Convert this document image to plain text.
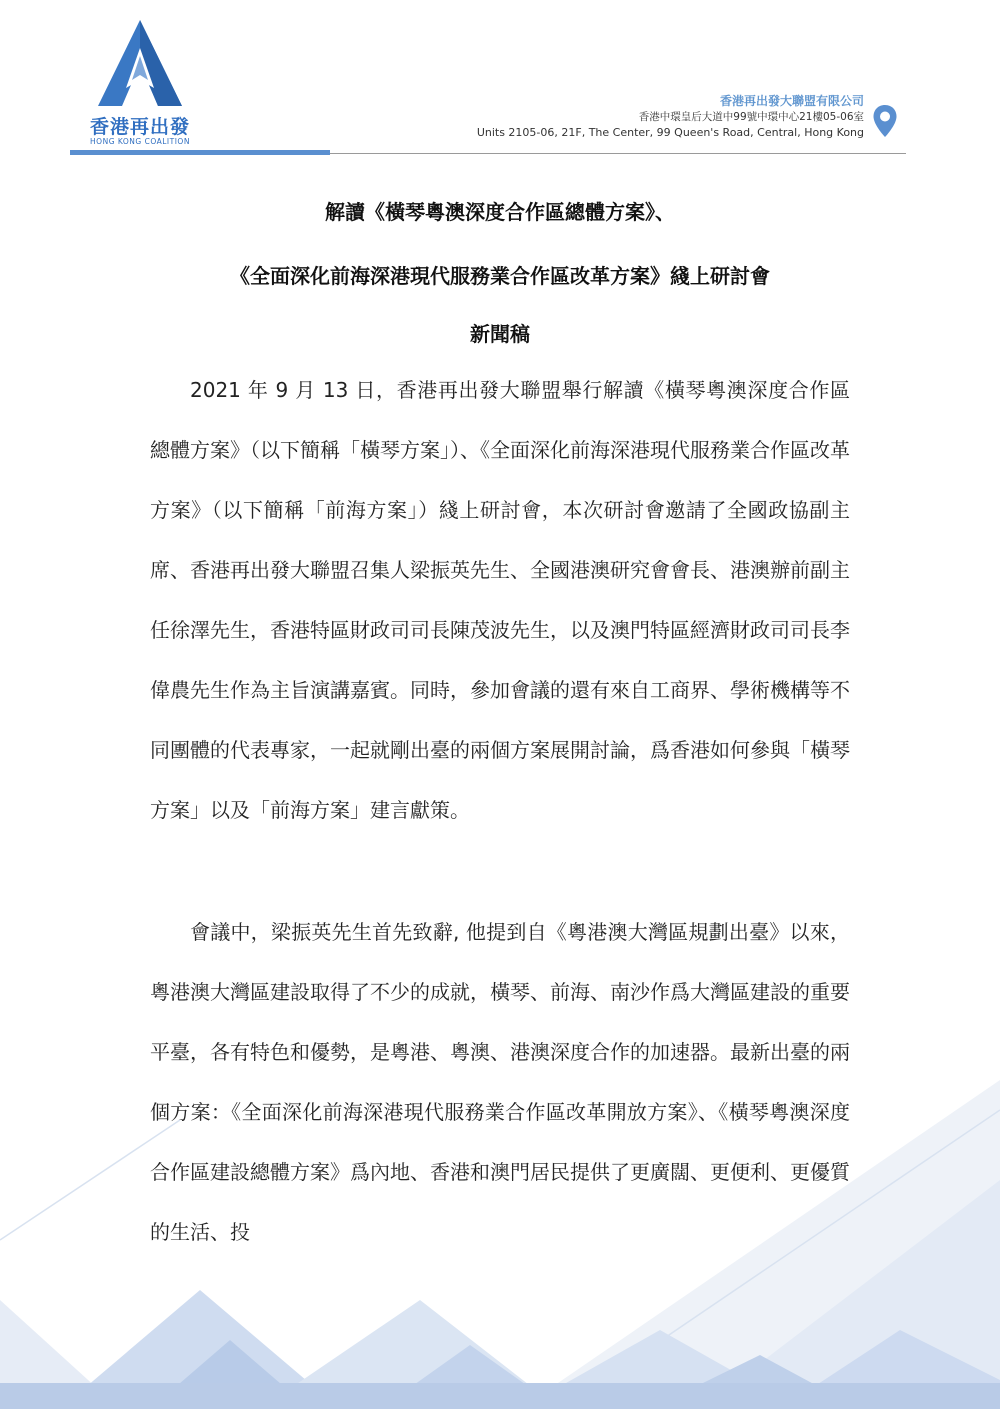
香港再出發
HONG KONG COALITION
香港再出發大聯盟有限公司
香港中環皇后大道中99號中環中心21樓05-06室
Units 2105-06, 21F, The Center, 99 Queen's Road, Central, Hong Kong
解讀《橫琴粵澳深度合作區總體方案》、
《全面深化前海深港現代服務業合作區改革方案》綫上研討會
新聞稿

2021 年 9 月 13 日，香港再出發大聯盟舉行解讀《橫琴粵澳深度合作區總體方案》（以下簡稱「橫琴方案」）、《全面深化前海深港現代服務業合作區改革方案》（以下簡稱「前海方案」）綫上研討會，本次研討會邀請了全國政協副主席、香港再出發大聯盟召集人梁振英先生、全國港澳研究會會長、港澳辦前副主任徐澤先生，香港特區財政司司長陳茂波先生，以及澳門特區經濟財政司司長李偉農先生作為主旨演講嘉賓。同時，參加會議的還有來自工商界、學術機構等不同團體的代表專家，一起就剛出臺的兩個方案展開討論，爲香港如何參與「橫琴方案」以及「前海方案」建言獻策。

會議中，梁振英先生首先致辭, 他提到自《粵港澳大灣區規劃出臺》以來，粵港澳大灣區建設取得了不少的成就，橫琴、前海、南沙作爲大灣區建設的重要平臺，各有特色和優勢，是粵港、粵澳、港澳深度合作的加速器。最新出臺的兩個方案：《全面深化前海深港現代服務業合作區改革開放方案》、《橫琴粵澳深度合作區建設總體方案》爲內地、香港和澳門居民提供了更廣闊、更便利、更優質的生活、投
